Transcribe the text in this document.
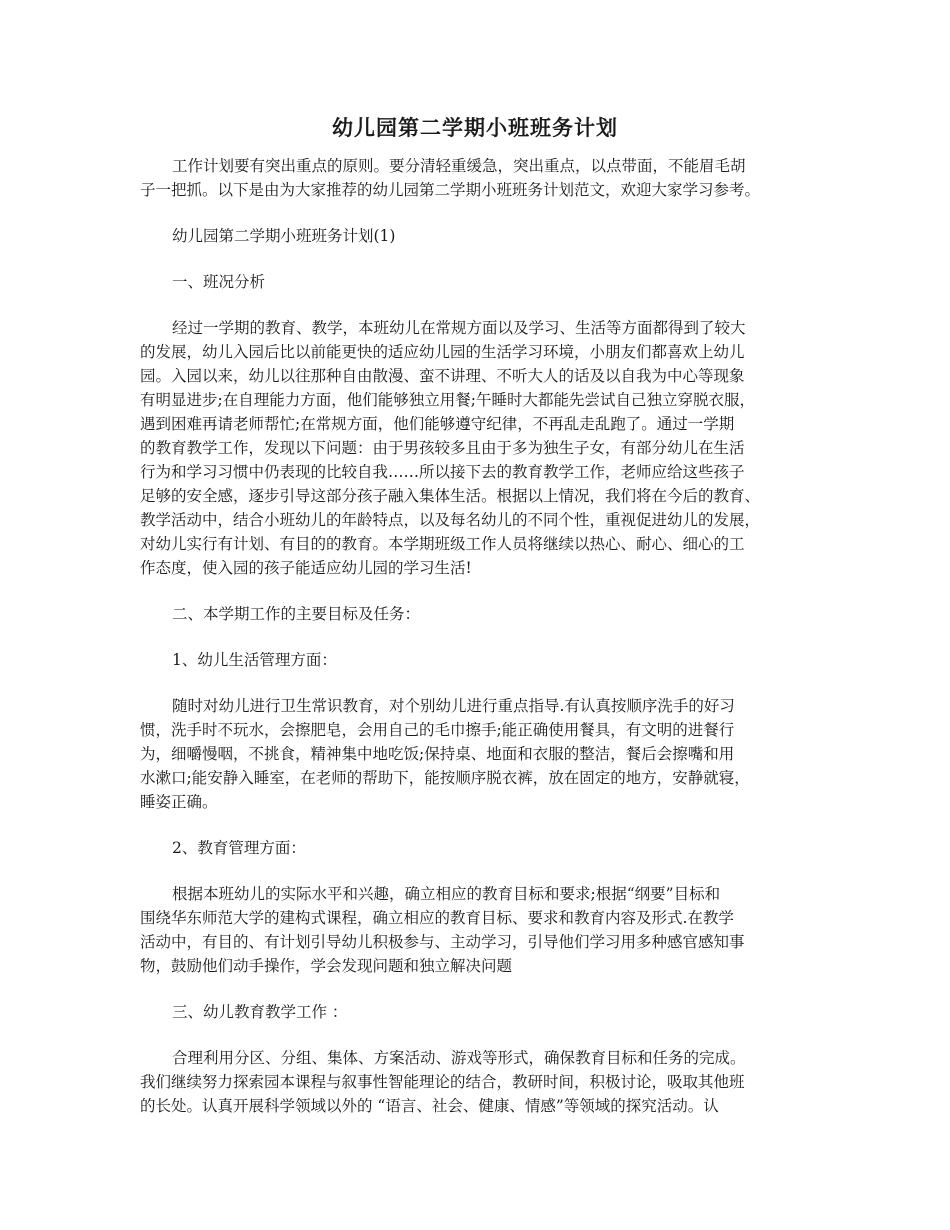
幼儿园第二学期小班班务计划
工作计划要有突出重点的原则。要分清轻重缓急，突出重点，以点带面，不能眉毛胡
子一把抓。以下是由为大家推荐的幼儿园第二学期小班班务计划范文，欢迎大家学习参考。
幼儿园第二学期小班班务计划(1)
一、班况分析
经过一学期的教育、教学，本班幼儿在常规方面以及学习、生活等方面都得到了较大
的发展，幼儿入园后比以前能更快的适应幼儿园的生活学习环境，小朋友们都喜欢上幼儿
园。入园以来，幼儿以往那种自由散漫、蛮不讲理、不听大人的话及以自我为中心等现象
有明显进步;在自理能力方面，他们能够独立用餐;午睡时大都能先尝试自己独立穿脱衣服，
遇到困难再请老师帮忙;在常规方面，他们能够遵守纪律，不再乱走乱跑了。通过一学期
的教育教学工作，发现以下问题：由于男孩较多且由于多为独生子女，有部分幼儿在生活
行为和学习习惯中仍表现的比较自我……所以接下去的教育教学工作，老师应给这些孩子
足够的安全感，逐步引导这部分孩子融入集体生活。根据以上情况，我们将在今后的教育、
教学活动中，结合小班幼儿的年龄特点，以及每名幼儿的不同个性，重视促进幼儿的发展，
对幼儿实行有计划、有目的的教育。本学期班级工作人员将继续以热心、耐心、细心的工
作态度，使入园的孩子能适应幼儿园的学习生活!
二、本学期工作的主要目标及任务：
1、幼儿生活管理方面：
随时对幼儿进行卫生常识教育，对个别幼儿进行重点指导.有认真按顺序洗手的好习
惯，洗手时不玩水，会擦肥皂，会用自己的毛巾擦手;能正确使用餐具，有文明的进餐行
为，细嚼慢咽，不挑食，精神集中地吃饭;保持桌、地面和衣服的整洁，餐后会擦嘴和用
水漱口;能安静入睡室，在老师的帮助下，能按顺序脱衣裤，放在固定的地方，安静就寝，
睡姿正确。
2、教育管理方面：
根据本班幼儿的实际水平和兴趣，确立相应的教育目标和要求;根据“纲要”目标和
围绕华东师范大学的建构式课程，确立相应的教育目标、要求和教育内容及形式.在教学
活动中，有目的、有计划引导幼儿积极参与、主动学习，引导他们学习用多种感官感知事
物，鼓励他们动手操作，学会发现问题和独立解决问题
三、幼儿教育教学工作 ：
合理利用分区、分组、集体、方案活动、游戏等形式，确保教育目标和任务的完成。
我们继续努力探索园本课程与叙事性智能理论的结合，教研时间，积极讨论，吸取其他班
的长处。认真开展科学领域以外的 “语言、社会、健康、情感”等领域的探究活动。认
